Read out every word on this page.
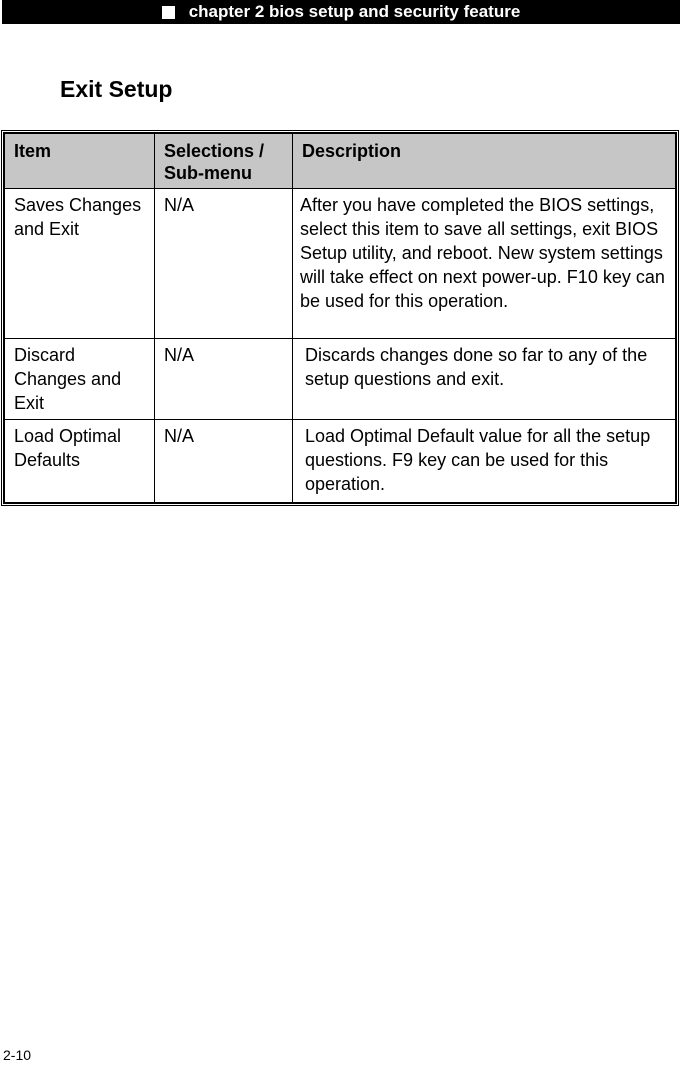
chapter 2 bios setup and security feature
Exit Setup
Item	Selections / Sub-menu	Description
Saves Changes and Exit	N/A	After you have completed the BIOS settings, select this item to save all settings, exit BIOS Setup utility, and reboot. New system settings will take effect on next power-up. F10 key can be used for this operation.
Discard Changes and Exit	N/A	Discards changes done so far to any of the setup questions and exit.
Load Optimal Defaults	N/A	Load Optimal Default value for all the setup questions. F9 key can be used for this operation.
2-10
